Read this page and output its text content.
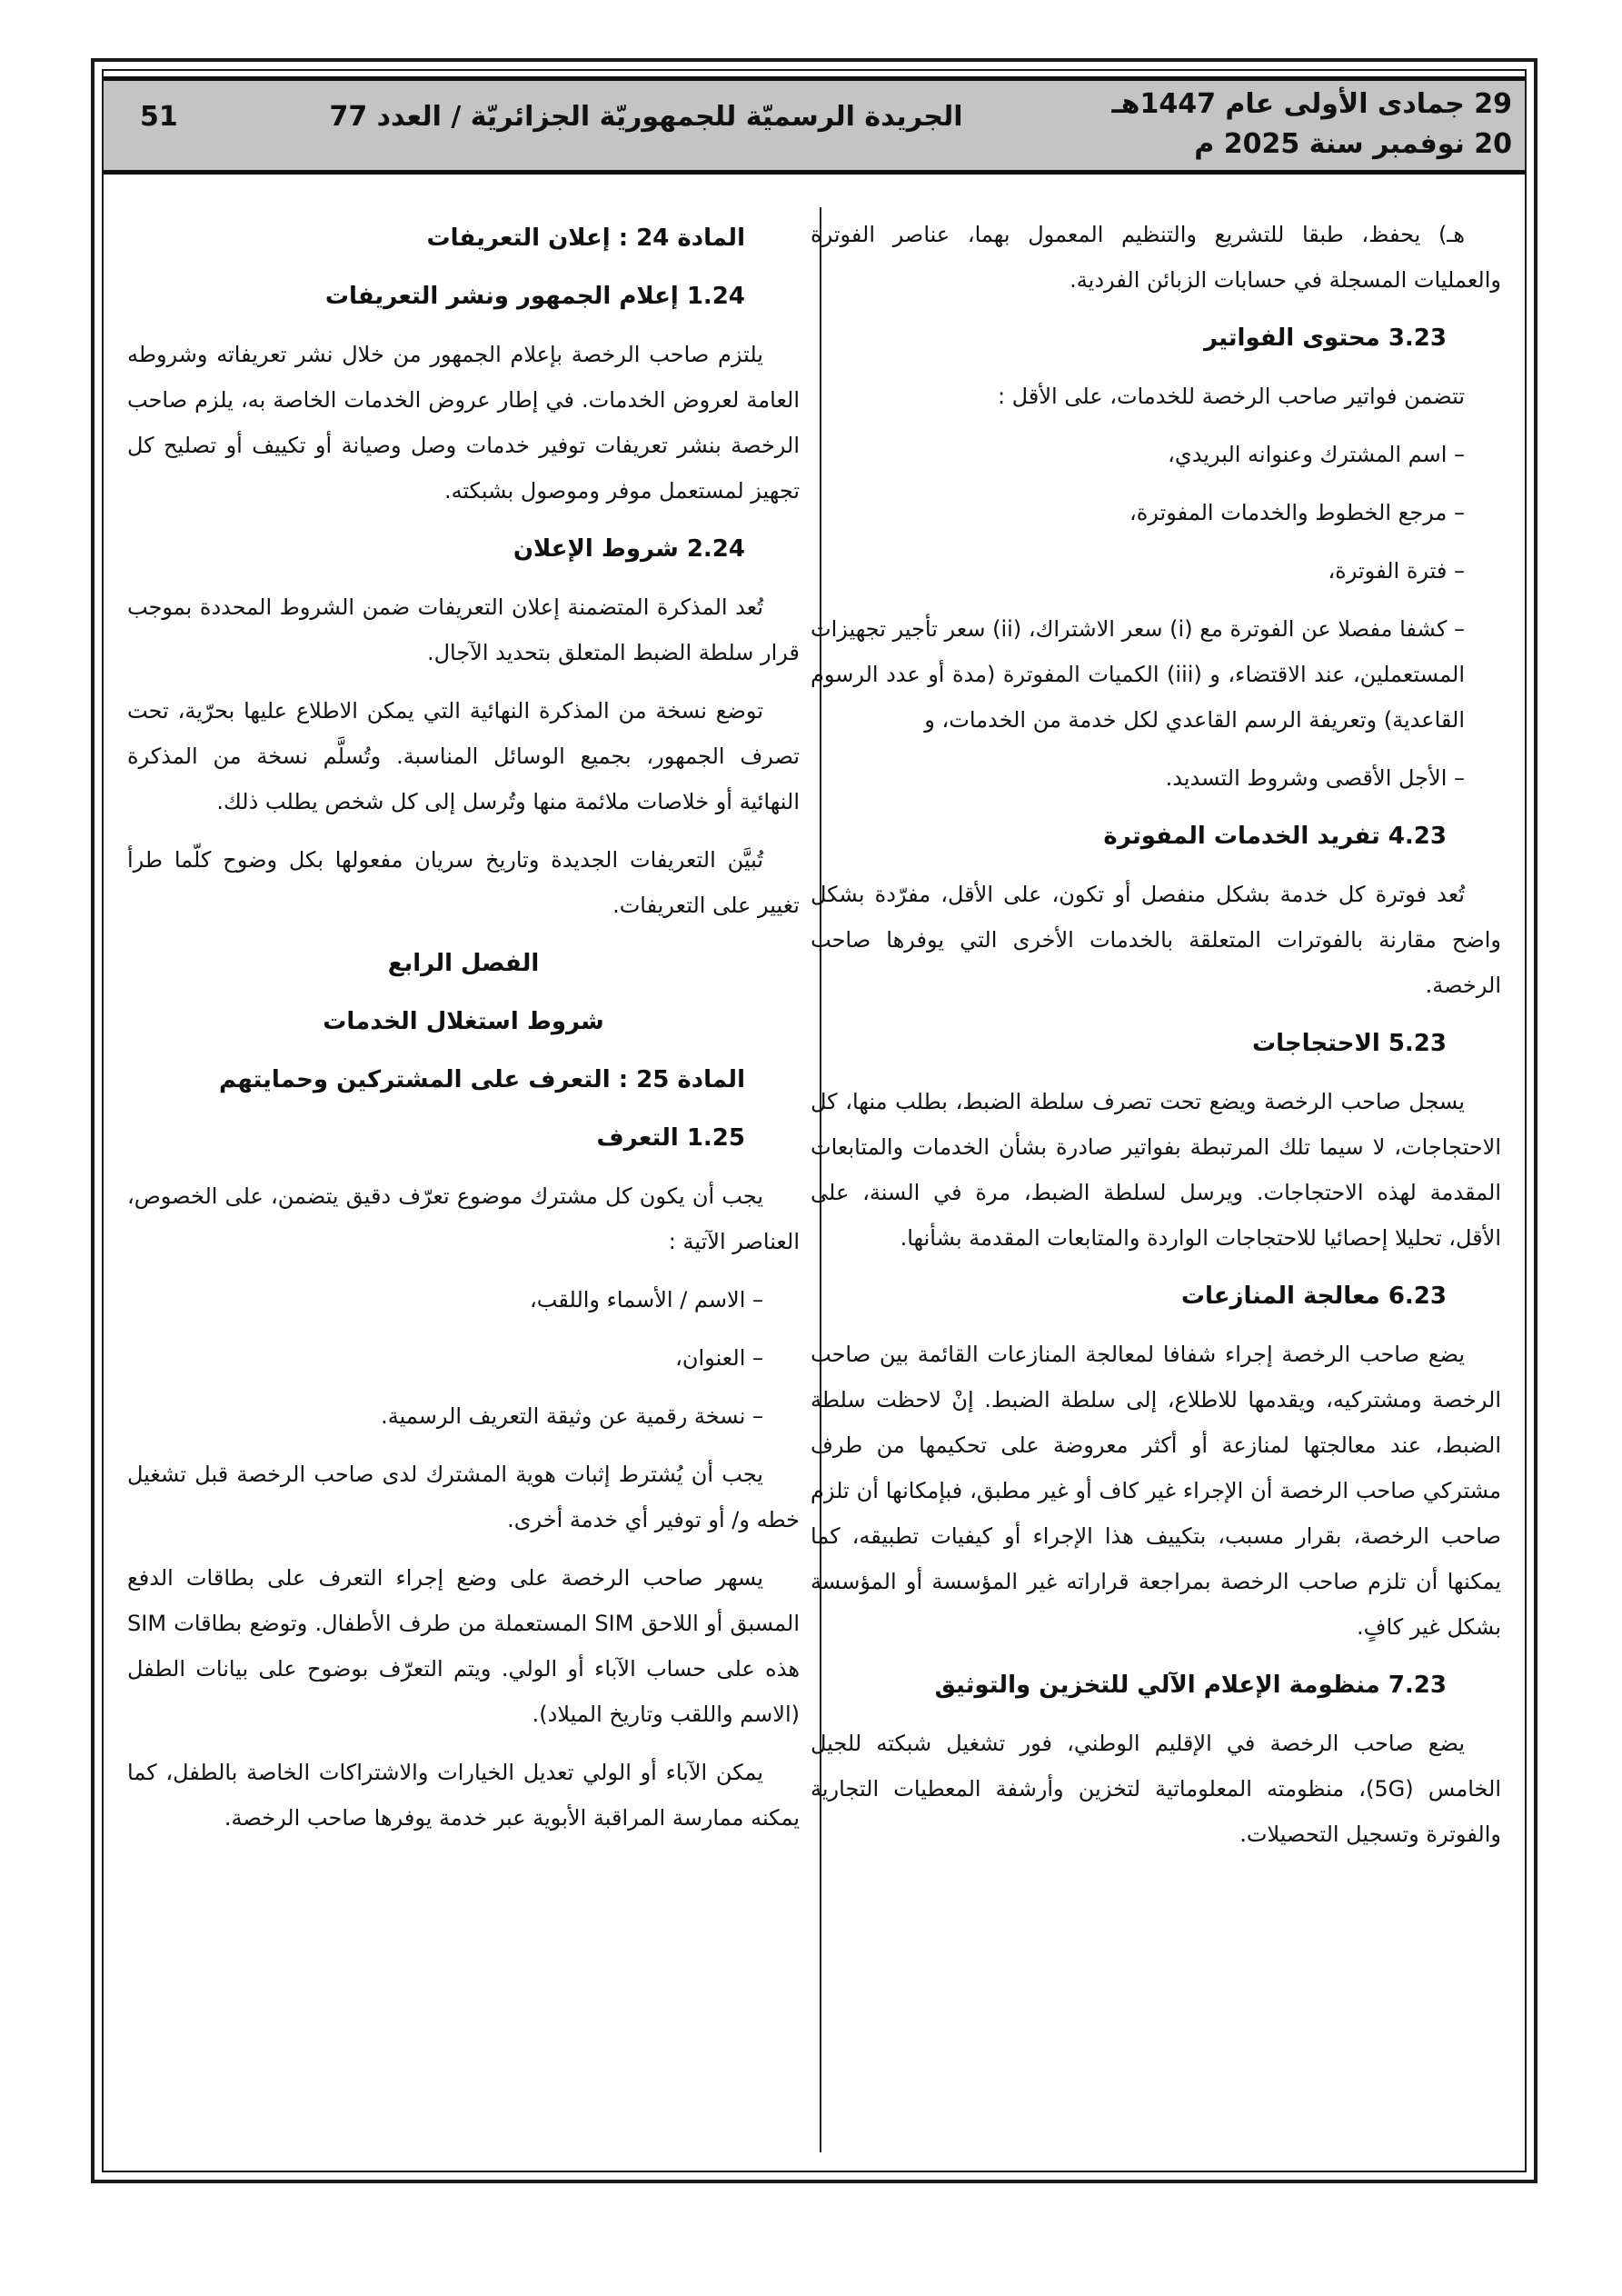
29 جمادى الأولى عام 1447هـ
20 نوفمبر سنة 2025 م
الجريدة الرسميّة للجمهوريّة الجزائريّة / العدد 77
51

هـ) يحفظ، طبقا للتشريع والتنظيم المعمول بهما، عناصر الفوترة والعمليات المسجلة في حسابات الزبائن الفردية.

3.23 محتوى الفواتير

تتضمن فواتير صاحب الرخصة للخدمات، على الأقل :

– اسم المشترك وعنوانه البريدي،

– مرجع الخطوط والخدمات المفوترة،

– فترة الفوترة،

– كشفا مفصلا عن الفوترة مع (i) سعر الاشتراك، (ii) سعر تأجير تجهيزات المستعملين، عند الاقتضاء، و (iii) الكميات المفوترة (مدة أو عدد الرسوم القاعدية) وتعريفة الرسم القاعدي لكل خدمة من الخدمات، و

– الأجل الأقصى وشروط التسديد.

4.23 تفريد الخدمات المفوترة

تُعد فوترة كل خدمة بشكل منفصل أو تكون، على الأقل، مفرّدة بشكل واضح مقارنة بالفوترات المتعلقة بالخدمات الأخرى التي يوفرها صاحب الرخصة.

5.23 الاحتجاجات

يسجل صاحب الرخصة ويضع تحت تصرف سلطة الضبط، بطلب منها، كل الاحتجاجات، لا سيما تلك المرتبطة بفواتير صادرة بشأن الخدمات والمتابعات المقدمة لهذه الاحتجاجات. ويرسل لسلطة الضبط، مرة في السنة، على الأقل، تحليلا إحصائيا للاحتجاجات الواردة والمتابعات المقدمة بشأنها.

6.23 معالجة المنازعات

يضع صاحب الرخصة إجراء شفافا لمعالجة المنازعات القائمة بين صاحب الرخصة ومشتركيه، ويقدمها للاطلاع، إلى سلطة الضبط. إنْ لاحظت سلطة الضبط، عند معالجتها لمنازعة أو أكثر معروضة على تحكيمها من طرف مشتركي صاحب الرخصة أن الإجراء غير كاف أو غير مطبق، فبإمكانها أن تلزم صاحب الرخصة، بقرار مسبب، بتكييف هذا الإجراء أو كيفيات تطبيقه، كما يمكنها أن تلزم صاحب الرخصة بمراجعة قراراته غير المؤسسة أو المؤسسة بشكل غير كافٍ.

7.23 منظومة الإعلام الآلي للتخزين والتوثيق

يضع صاحب الرخصة في الإقليم الوطني، فور تشغيل شبكته للجيل الخامس (5G)، منظومته المعلوماتية لتخزين وأرشفة المعطيات التجارية والفوترة وتسجيل التحصيلات.

المادة 24 : إعلان التعريفات
1.24 إعلام الجمهور ونشر التعريفات

يلتزم صاحب الرخصة بإعلام الجمهور من خلال نشر تعريفاته وشروطه العامة لعروض الخدمات. في إطار عروض الخدمات الخاصة به، يلزم صاحب الرخصة بنشر تعريفات توفير خدمات وصل وصيانة أو تكييف أو تصليح كل تجهيز لمستعمل موفر وموصول بشبكته.

2.24 شروط الإعلان

تُعد المذكرة المتضمنة إعلان التعريفات ضمن الشروط المحددة بموجب قرار سلطة الضبط المتعلق بتحديد الآجال.

توضع نسخة من المذكرة النهائية التي يمكن الاطلاع عليها بحرّية، تحت تصرف الجمهور، بجميع الوسائل المناسبة. وتُسلَّم نسخة من المذكرة النهائية أو خلاصات ملائمة منها وتُرسل إلى كل شخص يطلب ذلك.

تُبيَّن التعريفات الجديدة وتاريخ سريان مفعولها بكل وضوح كلّما طرأ تغيير على التعريفات.

الفصل الرابع
شروط استغلال الخدمات
المادة 25 : التعرف على المشتركين وحمايتهم
1.25 التعرف

يجب أن يكون كل مشترك موضوع تعرّف دقيق يتضمن، على الخصوص، العناصر الآتية :

– الاسم / الأسماء واللقب،

– العنوان،

– نسخة رقمية عن وثيقة التعريف الرسمية.

يجب أن يُشترط إثبات هوية المشترك لدى صاحب الرخصة قبل تشغيل خطه و/ أو توفير أي خدمة أخرى.

يسهر صاحب الرخصة على وضع إجراء التعرف على بطاقات الدفع المسبق أو اللاحق SIM المستعملة من طرف الأطفال. وتوضع بطاقات SIM هذه على حساب الآباء أو الولي. ويتم التعرّف بوضوح على بيانات الطفل (الاسم واللقب وتاريخ الميلاد).

يمكن الآباء أو الولي تعديل الخيارات والاشتراكات الخاصة بالطفل، كما يمكنه ممارسة المراقبة الأبوية عبر خدمة يوفرها صاحب الرخصة.
